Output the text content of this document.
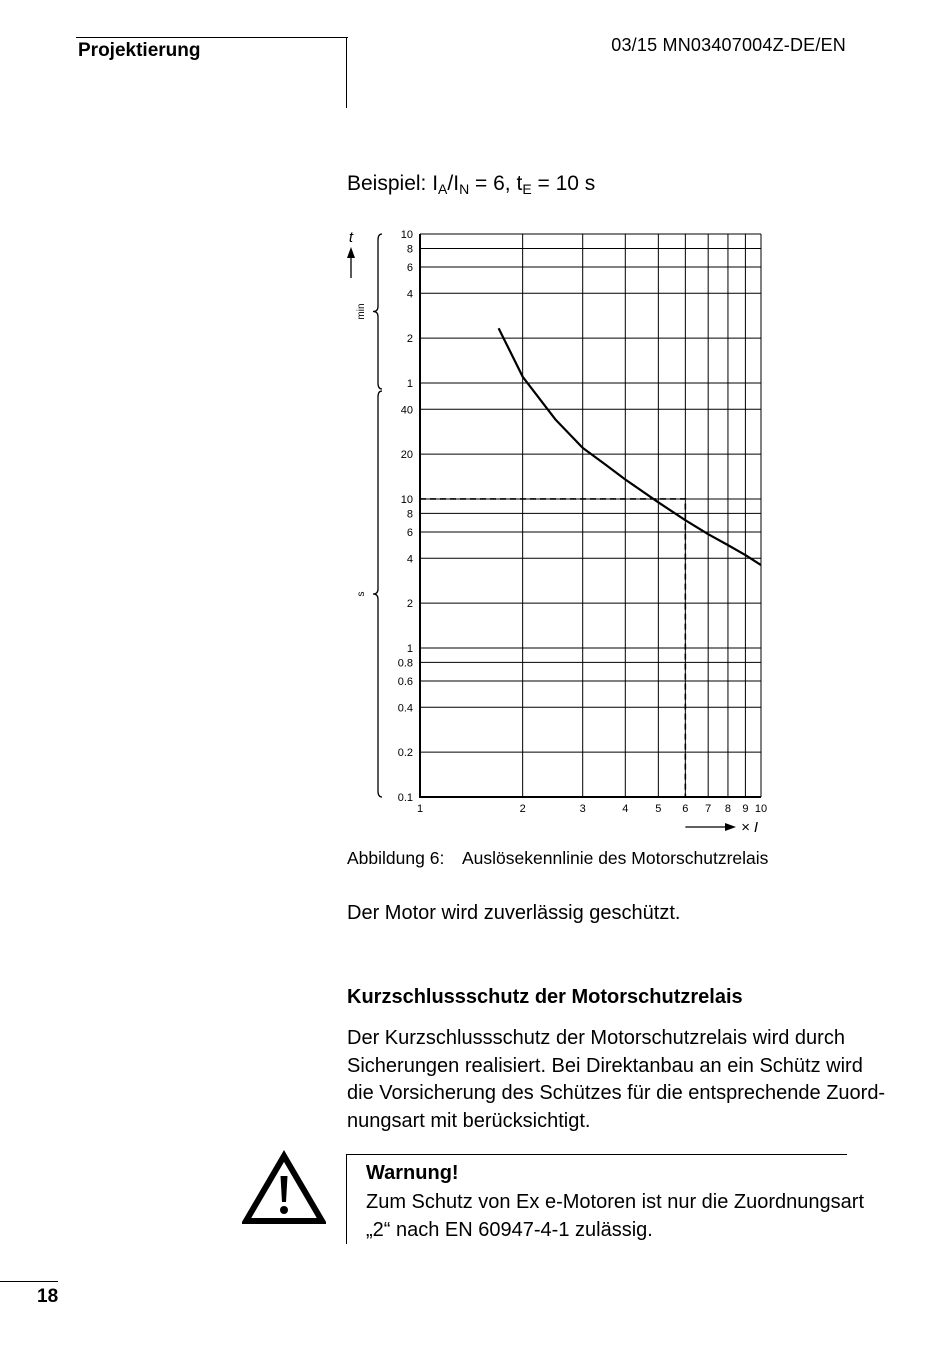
Projektierung	03/15 MN03407004Z-DE/EN
Beispiel: $I_A/I_N = 6$, $t_E = 10$ s
1	2	3	4 5 6 7 8 9 10
0.1
0.2
0.4
0.6
0.8
1
2
4
6
8
10
20
40
1
2
4
6
8
10
min
s
t
× I
Abbildung 6: Auslösekennlinie des Motorschutzrelais
Der Motor wird zuverlässig geschützt.
Kurzschlussschutz der Motorschutzrelais
Der Kurzschlussschutz der Motorschutzrelais wird durch
Sicherungen realisiert. Bei Direktanbau an ein Schütz wird
die Vorsicherung des Schützes für die entsprechende Zuord-
nungsart mit berücksichtigt.
Warnung!
Zum Schutz von Ex e-Motoren ist nur die Zuordnungsart
„2“ nach EN 60947-4-1 zulässig.
18
